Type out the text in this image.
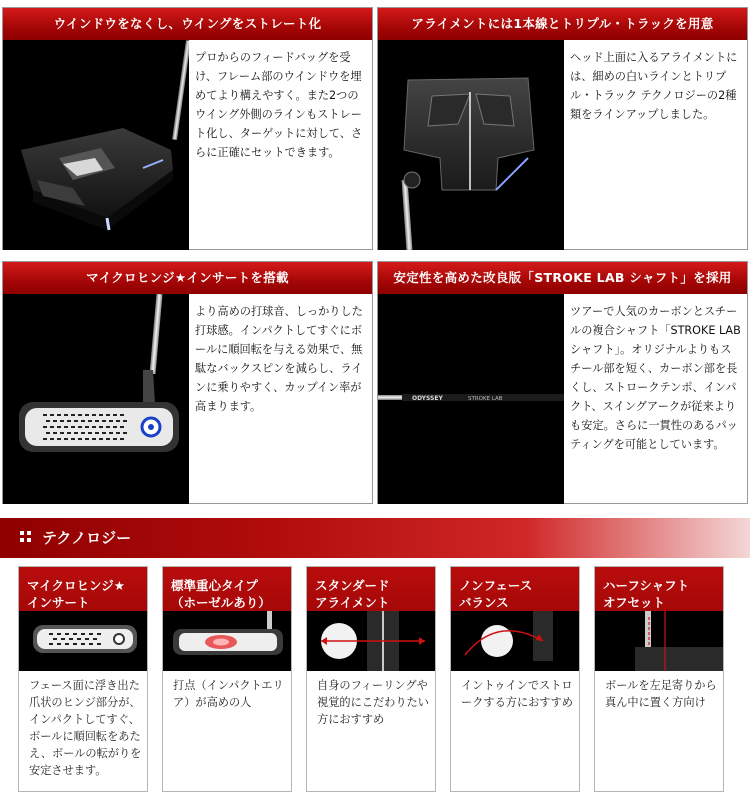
ウインドウをなくし、ウイングをストレート化
プロからのフィードバッグを受け、フレーム部のウインドウを埋めてより構えやすく。また2つのウイング外側のラインもストレート化し、ターゲットに対して、さらに正確にセットできます。
アライメントには1本線とトリプル・トラックを用意
ヘッド上面に入るアライメントには、細めの白いラインとトリプル・トラック テクノロジーの2種類をラインアップしました。
マイクロヒンジ★インサートを搭載
より高めの打球音、しっかりした打球感。インパクトしてすぐにボールに順回転を与える効果で、無駄なバックスピンを減らし、ラインに乗りやすく、カップイン率が高まります。
安定性を高めた改良版「STROKE LAB シャフト」を採用
ODYSSEY	STROKE LAB
ツアーで人気のカーボンとスチールの複合シャフト「STROKE LAB シャフト」。オリジナルよりもスチール部を短く、カーボン部を長くし、ストロークテンポ、インパクト、スイングアークが従来よりも安定。さらに一貫性のあるパッティングを可能としています。
テクノロジー
マイクロヒンジ★
インサート
フェース面に浮き出た爪状のヒンジ部分が、インパクトしてすぐ、ボールに順回転をあたえ、ボールの転がりを安定させます。
標準重心タイプ
（ホーゼルあり）
打点（インパクトエリア）が高めの人
スタンダード
アライメント
自身のフィーリングや視覚的にこだわりたい方におすすめ
ノンフェース
バランス
イントゥインでストロークする方におすすめ
ハーフシャフト
オフセット
ボールを左足寄りから 真ん中に置く方向け
